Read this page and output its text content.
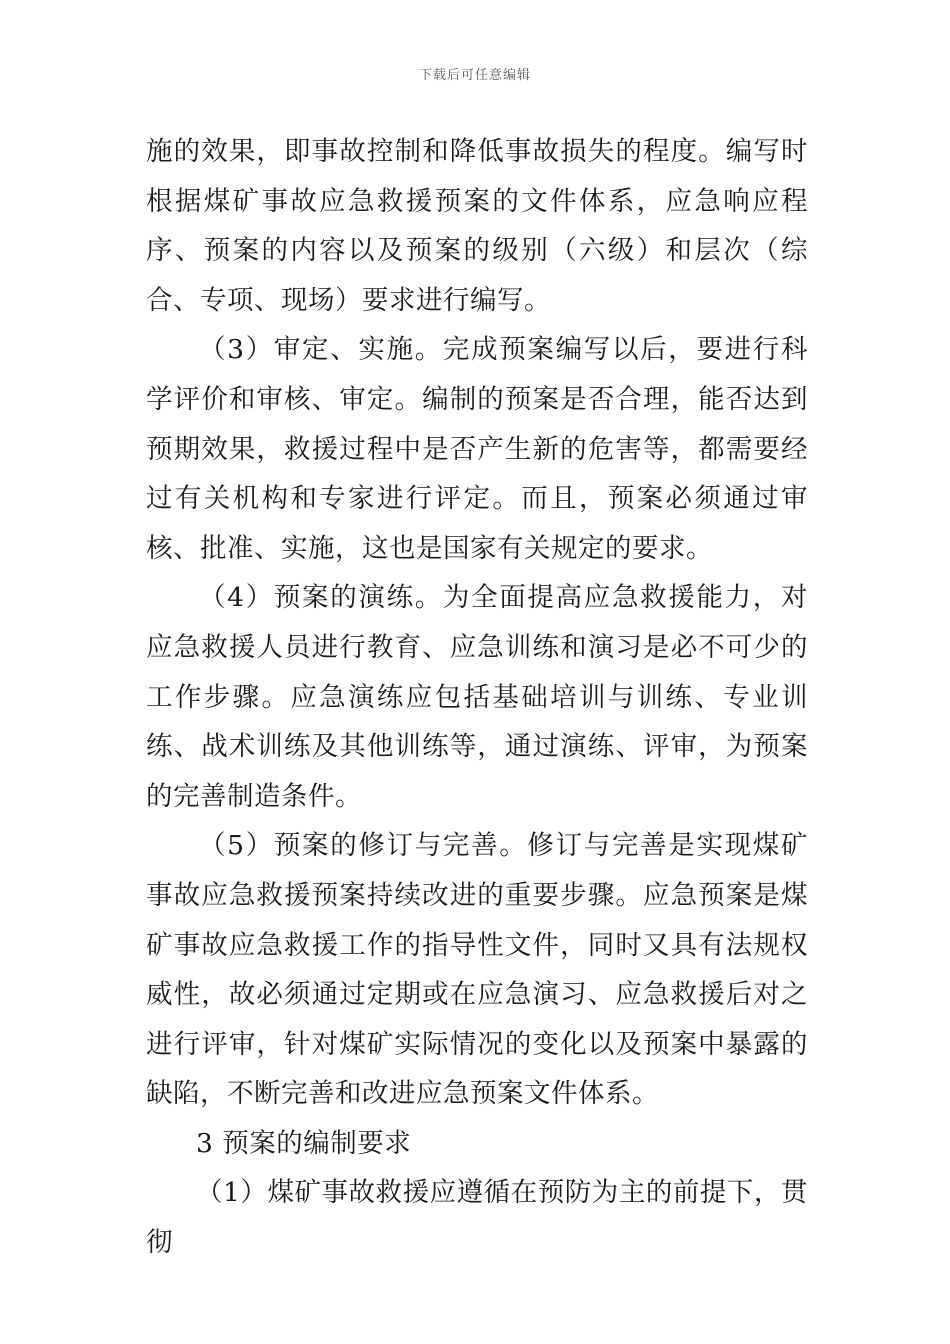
下载后可任意编辑

施的效果，即事故控制和降低事故损失的程度。编写时根据煤矿事故应急救援预案的文件体系，应急响应程序、预案的内容以及预案的级别（六级）和层次（综合、专项、现场）要求进行编写。

（3）审定、实施。完成预案编写以后，要进行科学评价和审核、审定。编制的预案是否合理，能否达到预期效果，救援过程中是否产生新的危害等，都需要经过有关机构和专家进行评定。而且，预案必须通过审核、批准、实施，这也是国家有关规定的要求。

（4）预案的演练。为全面提高应急救援能力，对应急救援人员进行教育、应急训练和演习是必不可少的工作步骤。应急演练应包括基础培训与训练、专业训练、战术训练及其他训练等，通过演练、评审，为预案的完善制造条件。

（5）预案的修订与完善。修订与完善是实现煤矿事故应急救援预案持续改进的重要步骤。应急预案是煤矿事故应急救援工作的指导性文件，同时又具有法规权威性，故必须通过定期或在应急演习、应急救援后对之进行评审，针对煤矿实际情况的变化以及预案中暴露的缺陷，不断完善和改进应急预案文件体系。

3 预案的编制要求

（1）煤矿事故救援应遵循在预防为主的前提下，贯彻
